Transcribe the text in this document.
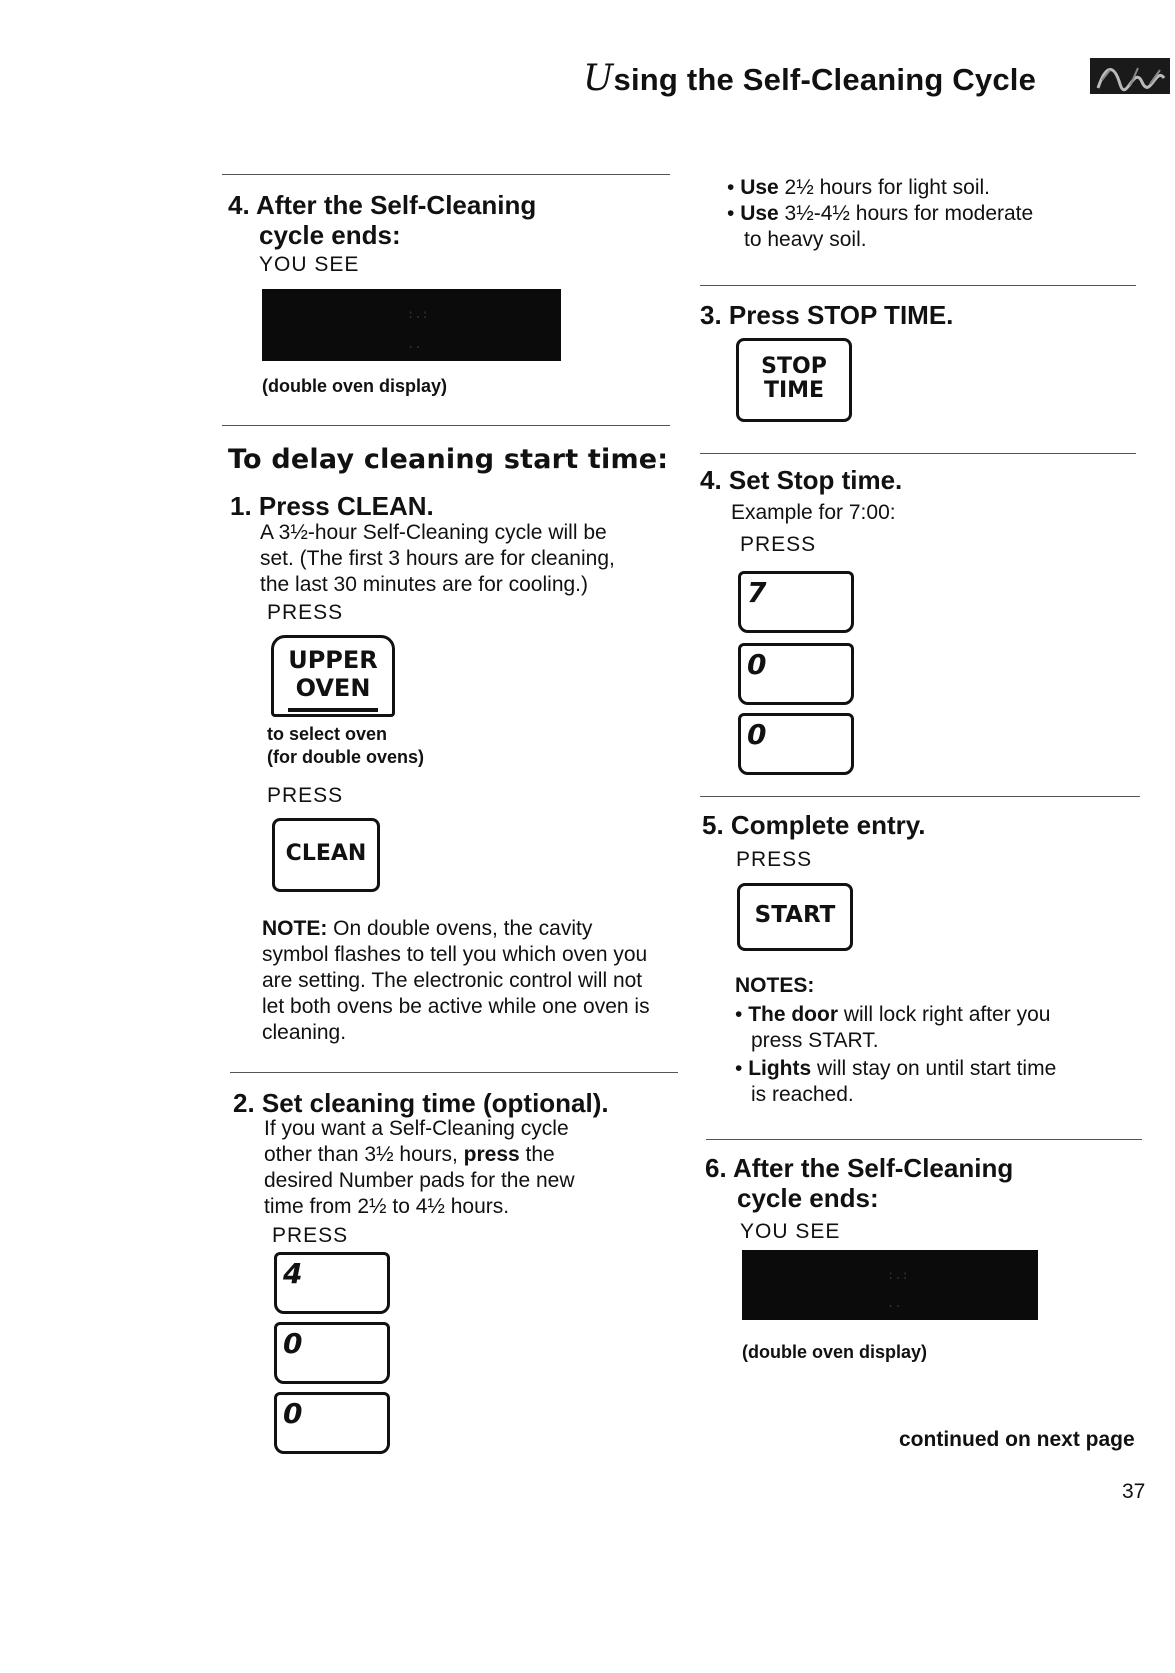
Using the Self-Cleaning Cycle
4. After the Self-Cleaning
cycle ends:
YOU SEE
:.:
..
(double oven display)
To delay cleaning start time:
1. Press CLEAN.
A 3½-hour Self-Cleaning cycle will be
set. (The first 3 hours are for cleaning,
the last 30 minutes are for cooling.)
PRESS
UPPER
OVEN
to select oven
(for double ovens)
PRESS
CLEAN
NOTE: On double ovens, the cavity
symbol flashes to tell you which oven you
are setting. The electronic control will not
let both ovens be active while one oven is
cleaning.
2. Set cleaning time (optional).
If you want a Self-Cleaning cycle
other than 3½ hours, press the
desired Number pads for the new
time from 2½ to 4½ hours.
PRESS
4
0
0
• Use 2½ hours for light soil.
• Use 3½-4½ hours for moderate
to heavy soil.
3. Press STOP TIME.
STOP
TIME
4. Set Stop time.
Example for 7:00:
PRESS
7
0
0
5. Complete entry.
PRESS
START
NOTES:
• The door will lock right after you
press START.
• Lights will stay on until start time
is reached.
6. After the Self-Cleaning
cycle ends:
YOU SEE
:.:
..
(double oven display)
continued on next page
37
